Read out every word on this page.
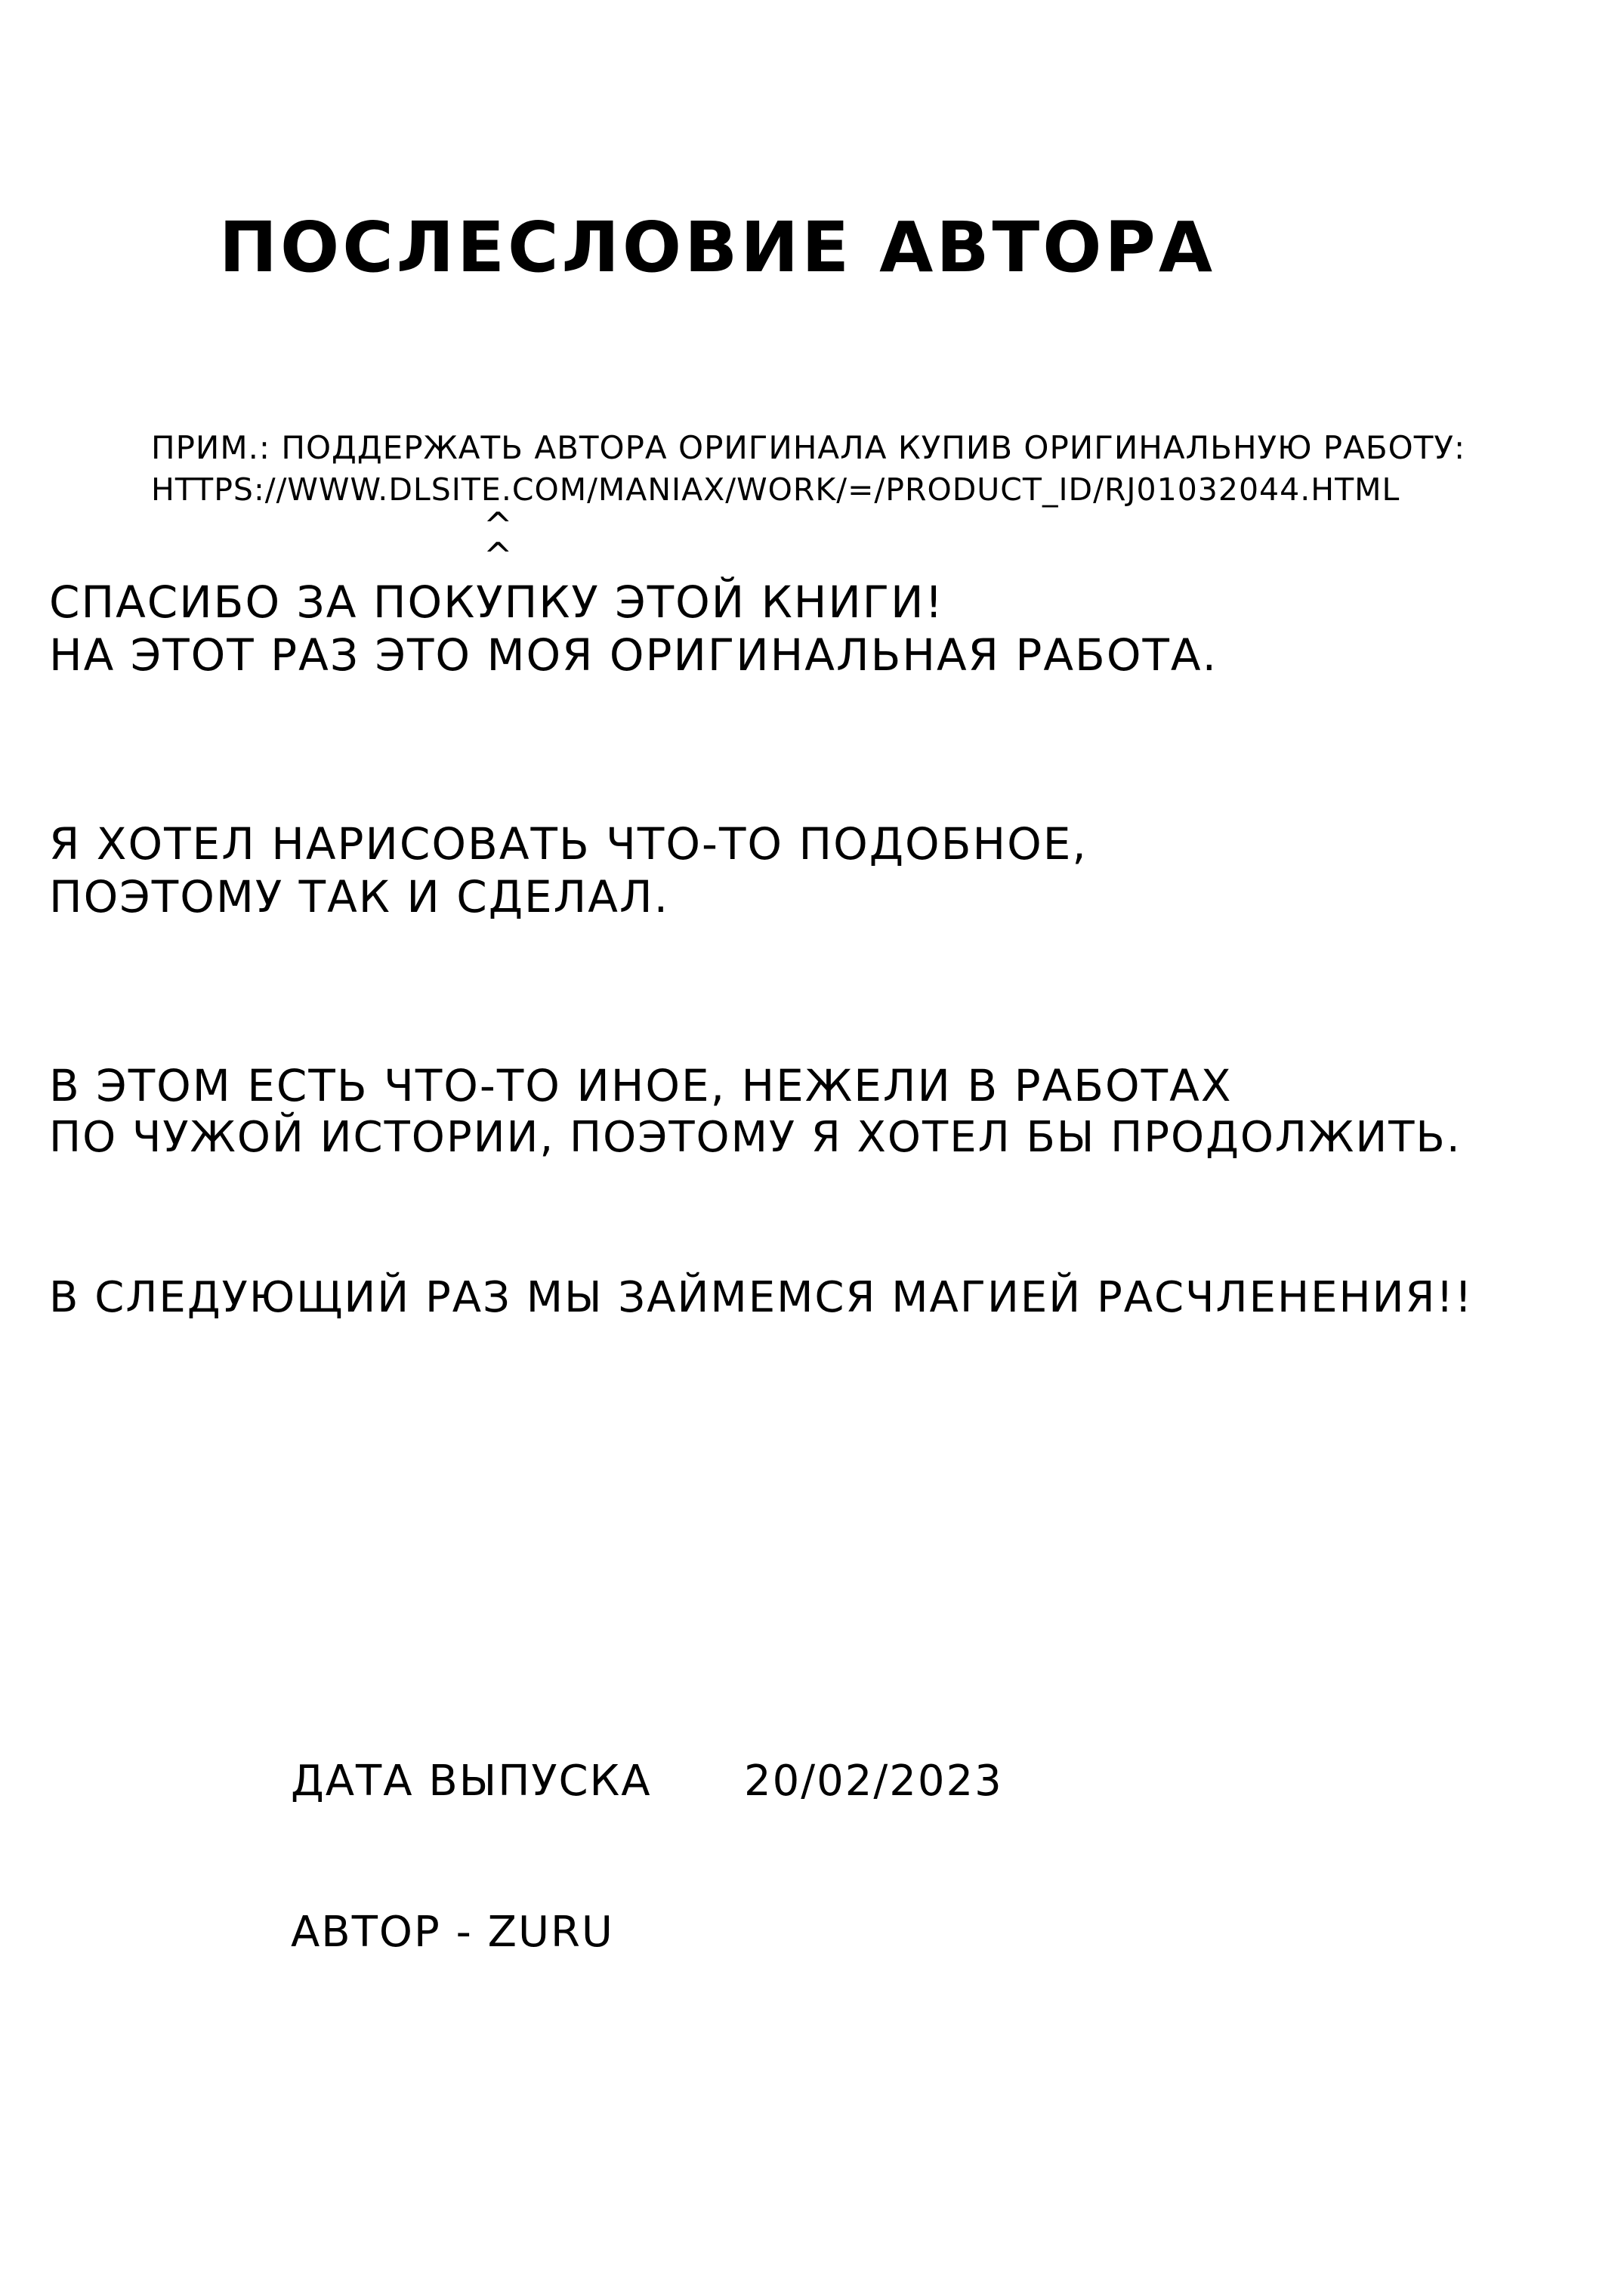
ПОСЛЕСЛОВИЕ АВТОРА
ПРИМ.: ПОДДЕРЖАТЬ АВТОРА ОРИГИНАЛА КУПИВ ОРИГИНАЛЬНУЮ РАБОТУ:
HTTPS://WWW.DLSITE.COM/MANIAX/WORK/=/PRODUCT_ID/RJ01032044.HTML
^
^
СПАСИБО ЗА ПОКУПКУ ЭТОЙ КНИГИ!
НА ЭТОТ РАЗ ЭТО МОЯ ОРИГИНАЛЬНАЯ РАБОТА.
Я ХОТЕЛ НАРИСОВАТЬ ЧТО-ТО ПОДОБНОЕ,
ПОЭТОМУ ТАК И СДЕЛАЛ.
В ЭТОМ ЕСТЬ ЧТО-ТО ИНОЕ, НЕЖЕЛИ В РАБОТАХ
ПО ЧУЖОЙ ИСТОРИИ, ПОЭТОМУ Я ХОТЕЛ БЫ ПРОДОЛЖИТЬ.
В СЛЕДУЮЩИЙ РАЗ МЫ ЗАЙМЕМСЯ МАГИЕЙ РАСЧЛЕНЕНИЯ!!
ДАТА ВЫПУСКА 20/02/2023
АВТОР - ZURU
